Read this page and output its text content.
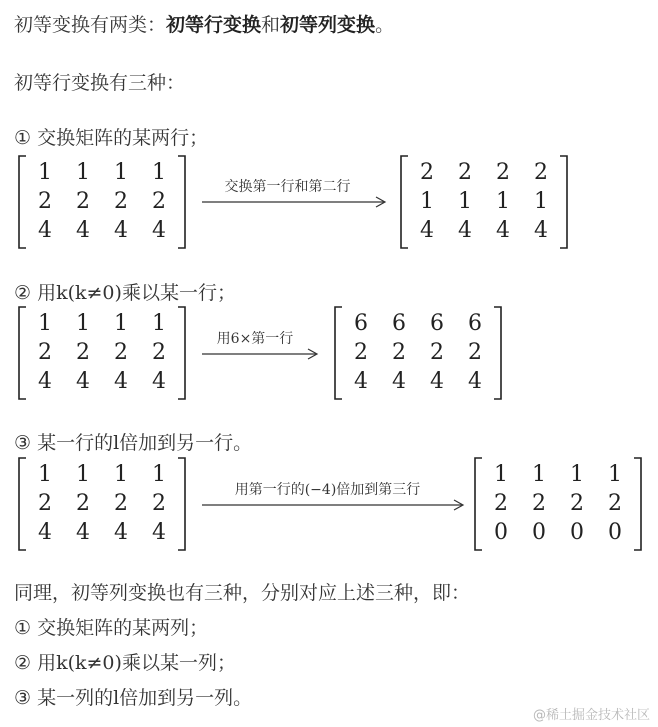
初等变换有两类：初等行变换和初等列变换。
初等行变换有三种：
① 交换矩阵的某两行；
1	1	1	1
2	2	2	2
4	4	4	4
交换第一行和第二行
2	2	2	2
1	1	1	1
4	4	4	4
② 用k(k≠0)乘以某一行；
1	1	1	1
2	2	2	2
4	4	4	4
用6×第一行
6	6	6	6
2	2	2	2
4	4	4	4
③ 某一行的l倍加到另一行。
1	1	1	1
2	2	2	2
4	4	4	4
用第一行的(−4)倍加到第三行
1	1	1	1
2	2	2	2
0	0	0	0
同理，初等列变换也有三种，分别对应上述三种，即：
① 交换矩阵的某两列；
② 用k(k≠0)乘以某一列；
③ 某一列的l倍加到另一列。
@稀土掘金技术社区
